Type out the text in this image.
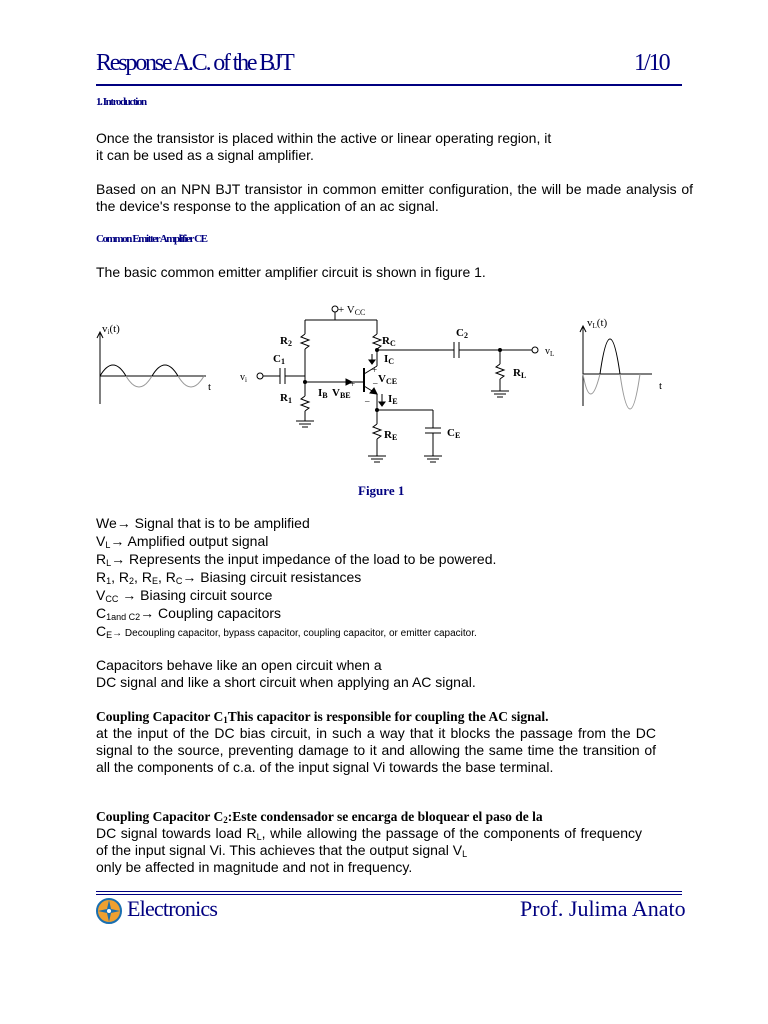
Response A.C. of the BJT	1/10
1. Introduction

Once the transistor is placed within the active or linear operating region, it
it can be used as a signal amplifier.

Based on an NPN BJT transistor in common emitter configuration, the will be made analysis of the device's response to the application of an ac signal.

Common Emitter Amplifier CE

The basic common emitter amplifier circuit is shown in figure 1.

+ VCC
vi(t)
t
vL(t)
t
$v_i$
$v_L$
R2
R1
C1
RC
C2
RL
RE	CE
IC
IB VBE	IE
VCE
+
+
–
–
Figure 1
We→ Signal that is to be amplified
$V_L\to$ Amplified output signal
$R_L\to$ Represents the input impedance of the load to be powered.
$R_1$, $R_2$, $R_E$, $R_C\to Biasing$ circuit resistances
$V_{CC} \to Biasing$ circuit source
$C_{1and C2}\to$ Coupling capacitors
$C_E\to$ Decoupling capacitor, bypass capacitor, coupling capacitor, or emitter capacitor.

Capacitors behave like an open circuit when a
DC signal and like a short circuit when applying an AC signal.

Coupling Capacitor $C_1This$ capacitor is responsible for coupling the AC signal.
at the input of the DC bias circuit, in such a way that it blocks the passage from the DC signal to the source, preventing damage to it and allowing the same time the transition of all the components of c.a. of the input signal Vi towards the base terminal.

Coupling Capacitor $C_2:Este$ condensador se encarga de bloquear el paso de la
DC signal towards load $R_L$, while allowing the passage of the components of frequency of the input signal Vi. This achieves that the output signal $V_L$
only be affected in magnitude and not in frequency.

Electronics	Prof. Julima Anato
